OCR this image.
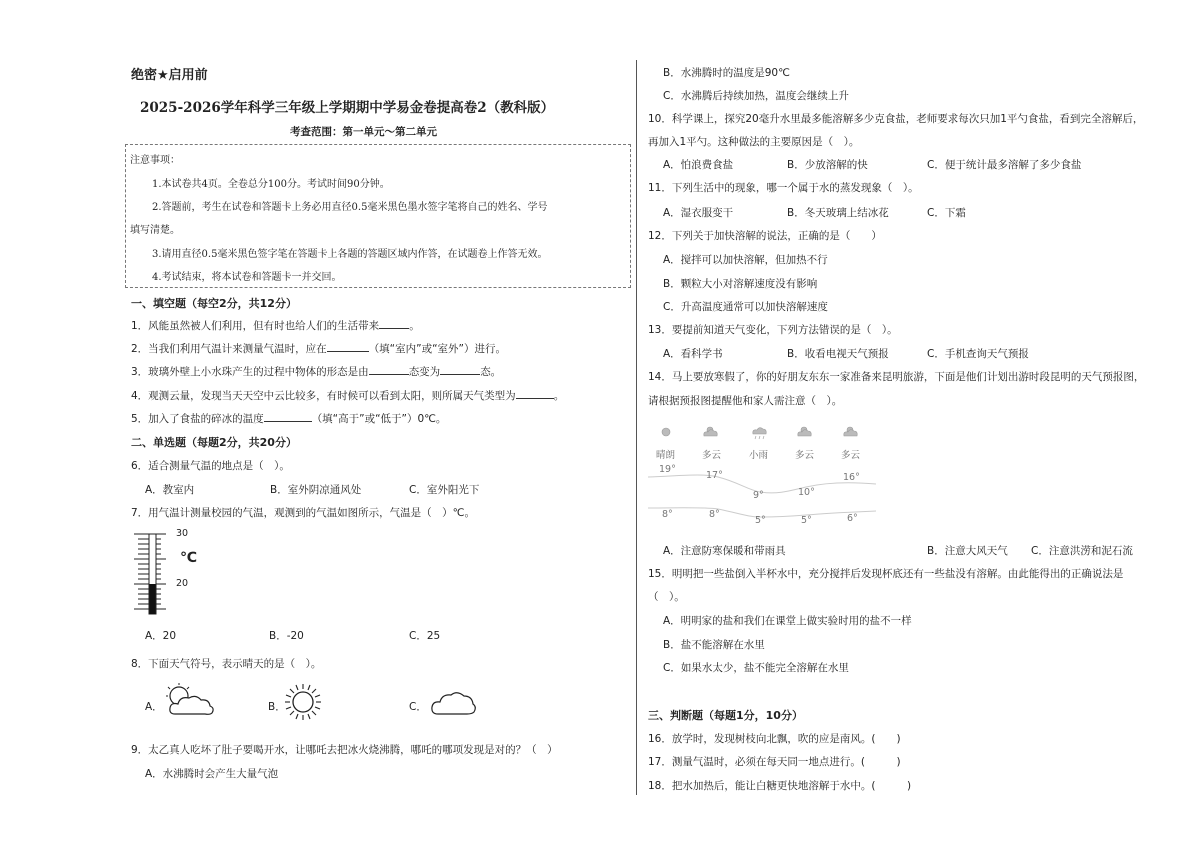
绝密★启用前
2025-2026学年科学三年级上学期期中学易金卷提高卷2（教科版）
考查范围：第一单元～第二单元
注意事项：
1.本试卷共4页。全卷总分100分。考试时间90分钟。
2.答题前，考生在试卷和答题卡上务必用直径0.5毫米黑色墨水签字笔将自己的姓名、学号
填写清楚。
3.请用直径0.5毫米黑色签字笔在答题卡上各题的答题区域内作答，在试题卷上作答无效。
4.考试结束，将本试卷和答题卡一并交回。
一、填空题（每空2分，共12分）
1．风能虽然被人们利用，但有时也给人们的生活带来	。
2．当我们利用气温计来测量气温时，应在	（填“室内”或“室外”）进行。
3．玻璃外壁上小水珠产生的过程中物体的形态是由	态变为	态。
4．观测云量，发现当天天空中云比较多，有时候可以看到太阳，则所属天气类型为	。
5．加入了食盐的碎冰的温度	（填“高于”或“低于”）0℃。
二、单选题（每题2分，共20分）
6．适合测量气温的地点是（　）。
A．教室内	B．室外阴凉通风处	C．室外阳光下
7．用气温计测量校园的气温，观测到的气温如图所示，气温是（　）℃。
30
℃
20
A．20	B．-20	C．25
8．下面天气符号，表示晴天的是（　）。
A．	B．	C．
9．太乙真人吃坏了肚子要喝开水，让哪吒去把冰火烧沸腾，哪吒的哪项发现是对的？（　）
A．水沸腾时会产生大量气泡
B．水沸腾时的温度是90℃
C．水沸腾后持续加热，温度会继续上升
10．科学课上，探究20毫升水里最多能溶解多少克食盐，老师要求每次只加1平勺食盐，看到完全溶解后，
再加入1平勺。这种做法的主要原因是（　）。
A．怕浪费食盐	B．少放溶解的快	C．便于统计最多溶解了多少食盐
11．下列生活中的现象，哪一个属于水的蒸发现象（　）。
A．湿衣服变干	B．冬天玻璃上结冰花	C．下霜
12．下列关于加快溶解的说法，正确的是（　　）
A．搅拌可以加快溶解，但加热不行
B．颗粒大小对溶解速度没有影响
C．升高温度通常可以加快溶解速度
13．要提前知道天气变化，下列方法错误的是（　）。
A．看科学书	B．收看电视天气预报	C．手机查询天气预报
14．马上要放寒假了，你的好朋友东东一家准备来昆明旅游，下面是他们计划出游时段昆明的天气预报图，
请根据预报图提醒他和家人需注意（　）。
晴朗	多云	小雨	多云	多云
19°
17°
9°	10°
16°
8°	8°
5°	5°	6°
A．注意防寒保暖和带雨具	B．注意大风天气 C．注意洪涝和泥石流
15．明明把一些盐倒入半杯水中，充分搅拌后发现杯底还有一些盐没有溶解。由此能得出的正确说法是
（　）。
A．明明家的盐和我们在课堂上做实验时用的盐不一样
B．盐不能溶解在水里
C．如果水太少，盐不能完全溶解在水里
三、判断题（每题1分，10分）
16．放学时，发现树枝向北飘，吹的应是南风。(　　)
17．测量气温时，必须在每天同一地点进行。(　　　)
18．把水加热后，能让白糖更快地溶解于水中。(　　　)
